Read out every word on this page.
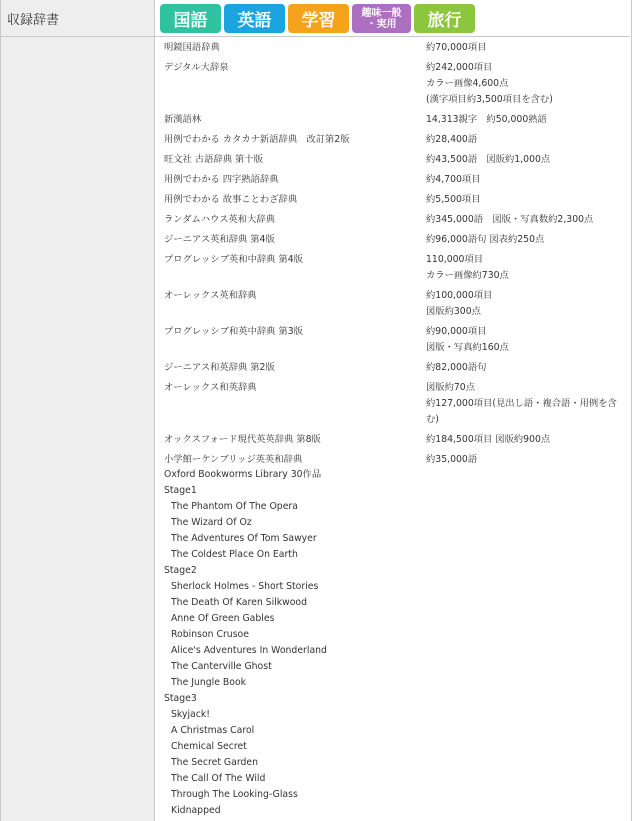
収録辞書	国語 英語 学習	趣味一般
・実用 旅行
明鏡国語辞典	約70,000項目
デジタル大辞泉	約242,000項目
カラー画像4,600点
(漢字項目約3,500項目を含む)
新漢語林	14,313親字　約50,000熟語
用例でわかる カタカナ新語辞典　改訂第2版	約28,400語
旺文社 古語辞典 第十版	約43,500語　図版約1,000点
用例でわかる 四字熟語辞典	約4,700項目
用例でわかる 故事ことわざ辞典	約5,500項目
ランダムハウス英和大辞典	約345,000語　図版・写真数約2,300点
ジーニアス英和辞典 第4版	約96,000語句 図表約250点
プログレッシブ英和中辞典 第4版	110,000項目
カラー画像約730点
オーレックス英和辞典	約100,000項目
図版約300点
プログレッシブ和英中辞典 第3版	約90,000項目
図版・写真約160点
ジーニアス和英辞典 第2版	約82,000語句
オーレックス和英辞典	図版約70点
約127,000項目(見出し語・複合語・用例を含む)
オックスフォード現代英英辞典 第8版	約184,500項目 図版約900点
小学館ーケンブリッジ英英和辞典	約35,000語
Oxford Bookworms Library 30作品
Stage1
The Phantom Of The Opera
The Wizard Of Oz
The Adventures Of Tom Sawyer
The Coldest Place On Earth
Stage2
Sherlock Holmes - Short Stories
The Death Of Karen Silkwood
Anne Of Green Gables
Robinson Crusoe
Alice's Adventures In Wonderland
The Canterville Ghost
The Jungle Book
Stage3
Skyjack!
A Christmas Carol
Chemical Secret
The Secret Garden
The Call Of The Wild
Through The Looking-Glass
Kidnapped
